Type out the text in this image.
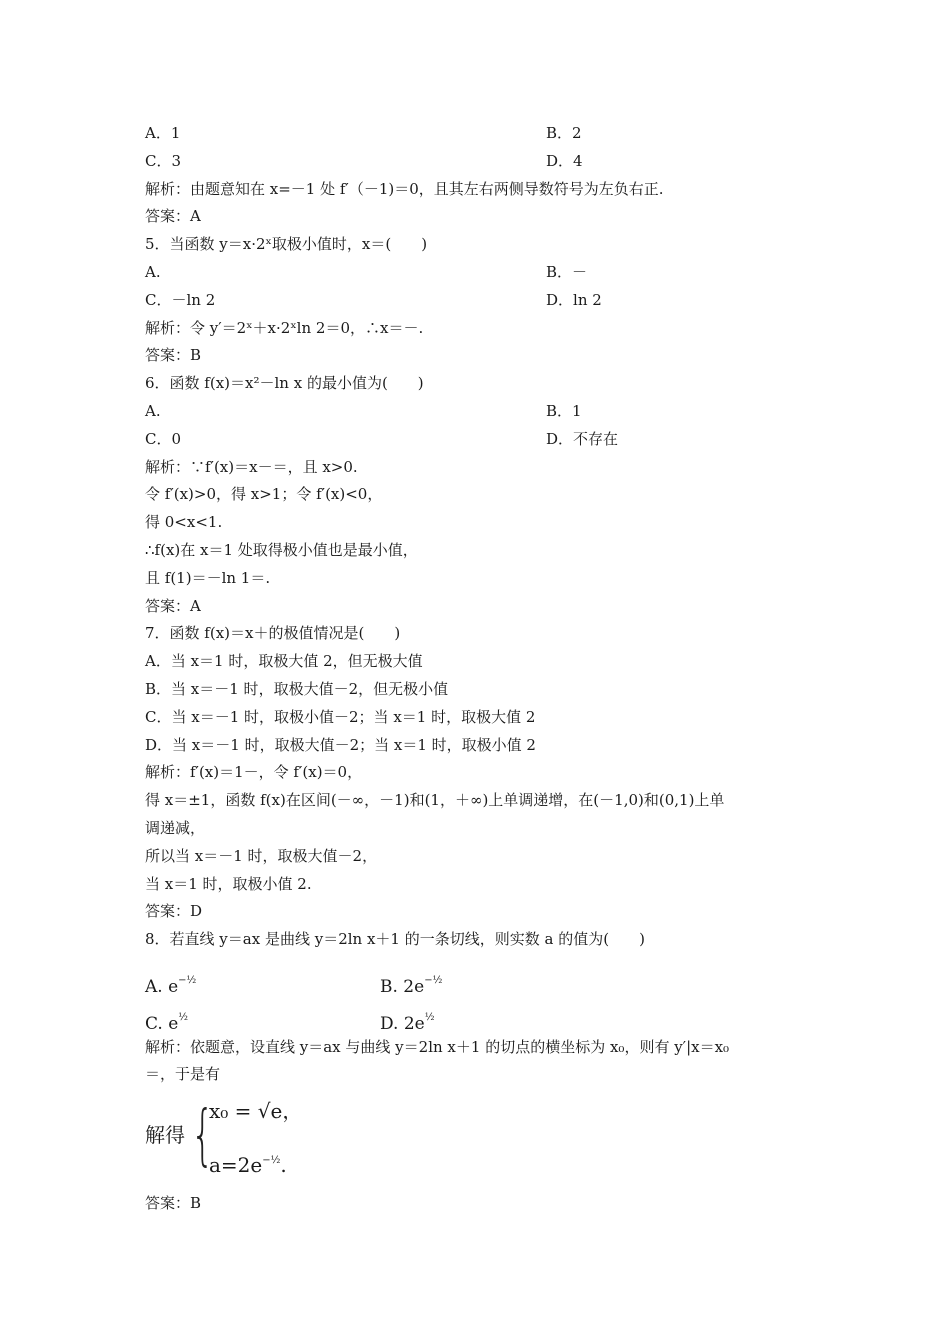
A．1	B．2
C．3	D．4
解析：由题意知在 x=－1 处 f′（－1)＝0，且其左右两侧导数符号为左负右正.
答案：A
5．当函数 y＝x·2ˣ取极小值时，x＝(　　)
A.	B．－
C．－ln 2	D．ln 2
解析：令 y′＝2ˣ＋x·2ˣln 2＝0，∴x＝－.
答案：B
6．函数 f(x)＝x²－ln x 的最小值为(　　)
A.	B．1
C．0	D．不存在
解析：∵f′(x)＝x－＝，且 x>0.
令 f′(x)>0，得 x>1；令 f′(x)<0，
得 0<x<1.
∴f(x)在 x＝1 处取得极小值也是最小值，
且 f(1)＝－ln 1＝.
答案：A
7．函数 f(x)＝x＋的极值情况是(　　)
A．当 x＝1 时，取极大值 2，但无极大值
B．当 x＝－1 时，取极大值－2，但无极小值
C．当 x＝－1 时，取极小值－2；当 x＝1 时，取极大值 2
D．当 x＝－1 时，取极大值－2；当 x＝1 时，取极小值 2
解析：f′(x)＝1－，令 f′(x)＝0，
得 x＝±1，函数 f(x)在区间(－∞，－1)和(1，＋∞)上单调递增，在(－1,0)和(0,1)上单
调递减，
所以当 x＝－1 时，取极大值－2，
当 x＝1 时，取极小值 2.
答案：D
8．若直线 y＝ax 是曲线 y＝2ln x＋1 的一条切线，则实数 a 的值为(　　)
A. $e^{-\frac{1}{2}}$	B. $2e^{-\frac{1}{2}}$
C. $e^{\frac{1}{2}}$	D. $2e^{\frac{1}{2}}$
解析：依题意，设直线 y＝ax 与曲线 y＝2ln x＋1 的切点的横坐标为 x₀，则有 y′|x＝x₀
＝，于是有
解得 {
x₀ = √e，
$a=2e^{-\frac{1}{2}}$.
答案：B
